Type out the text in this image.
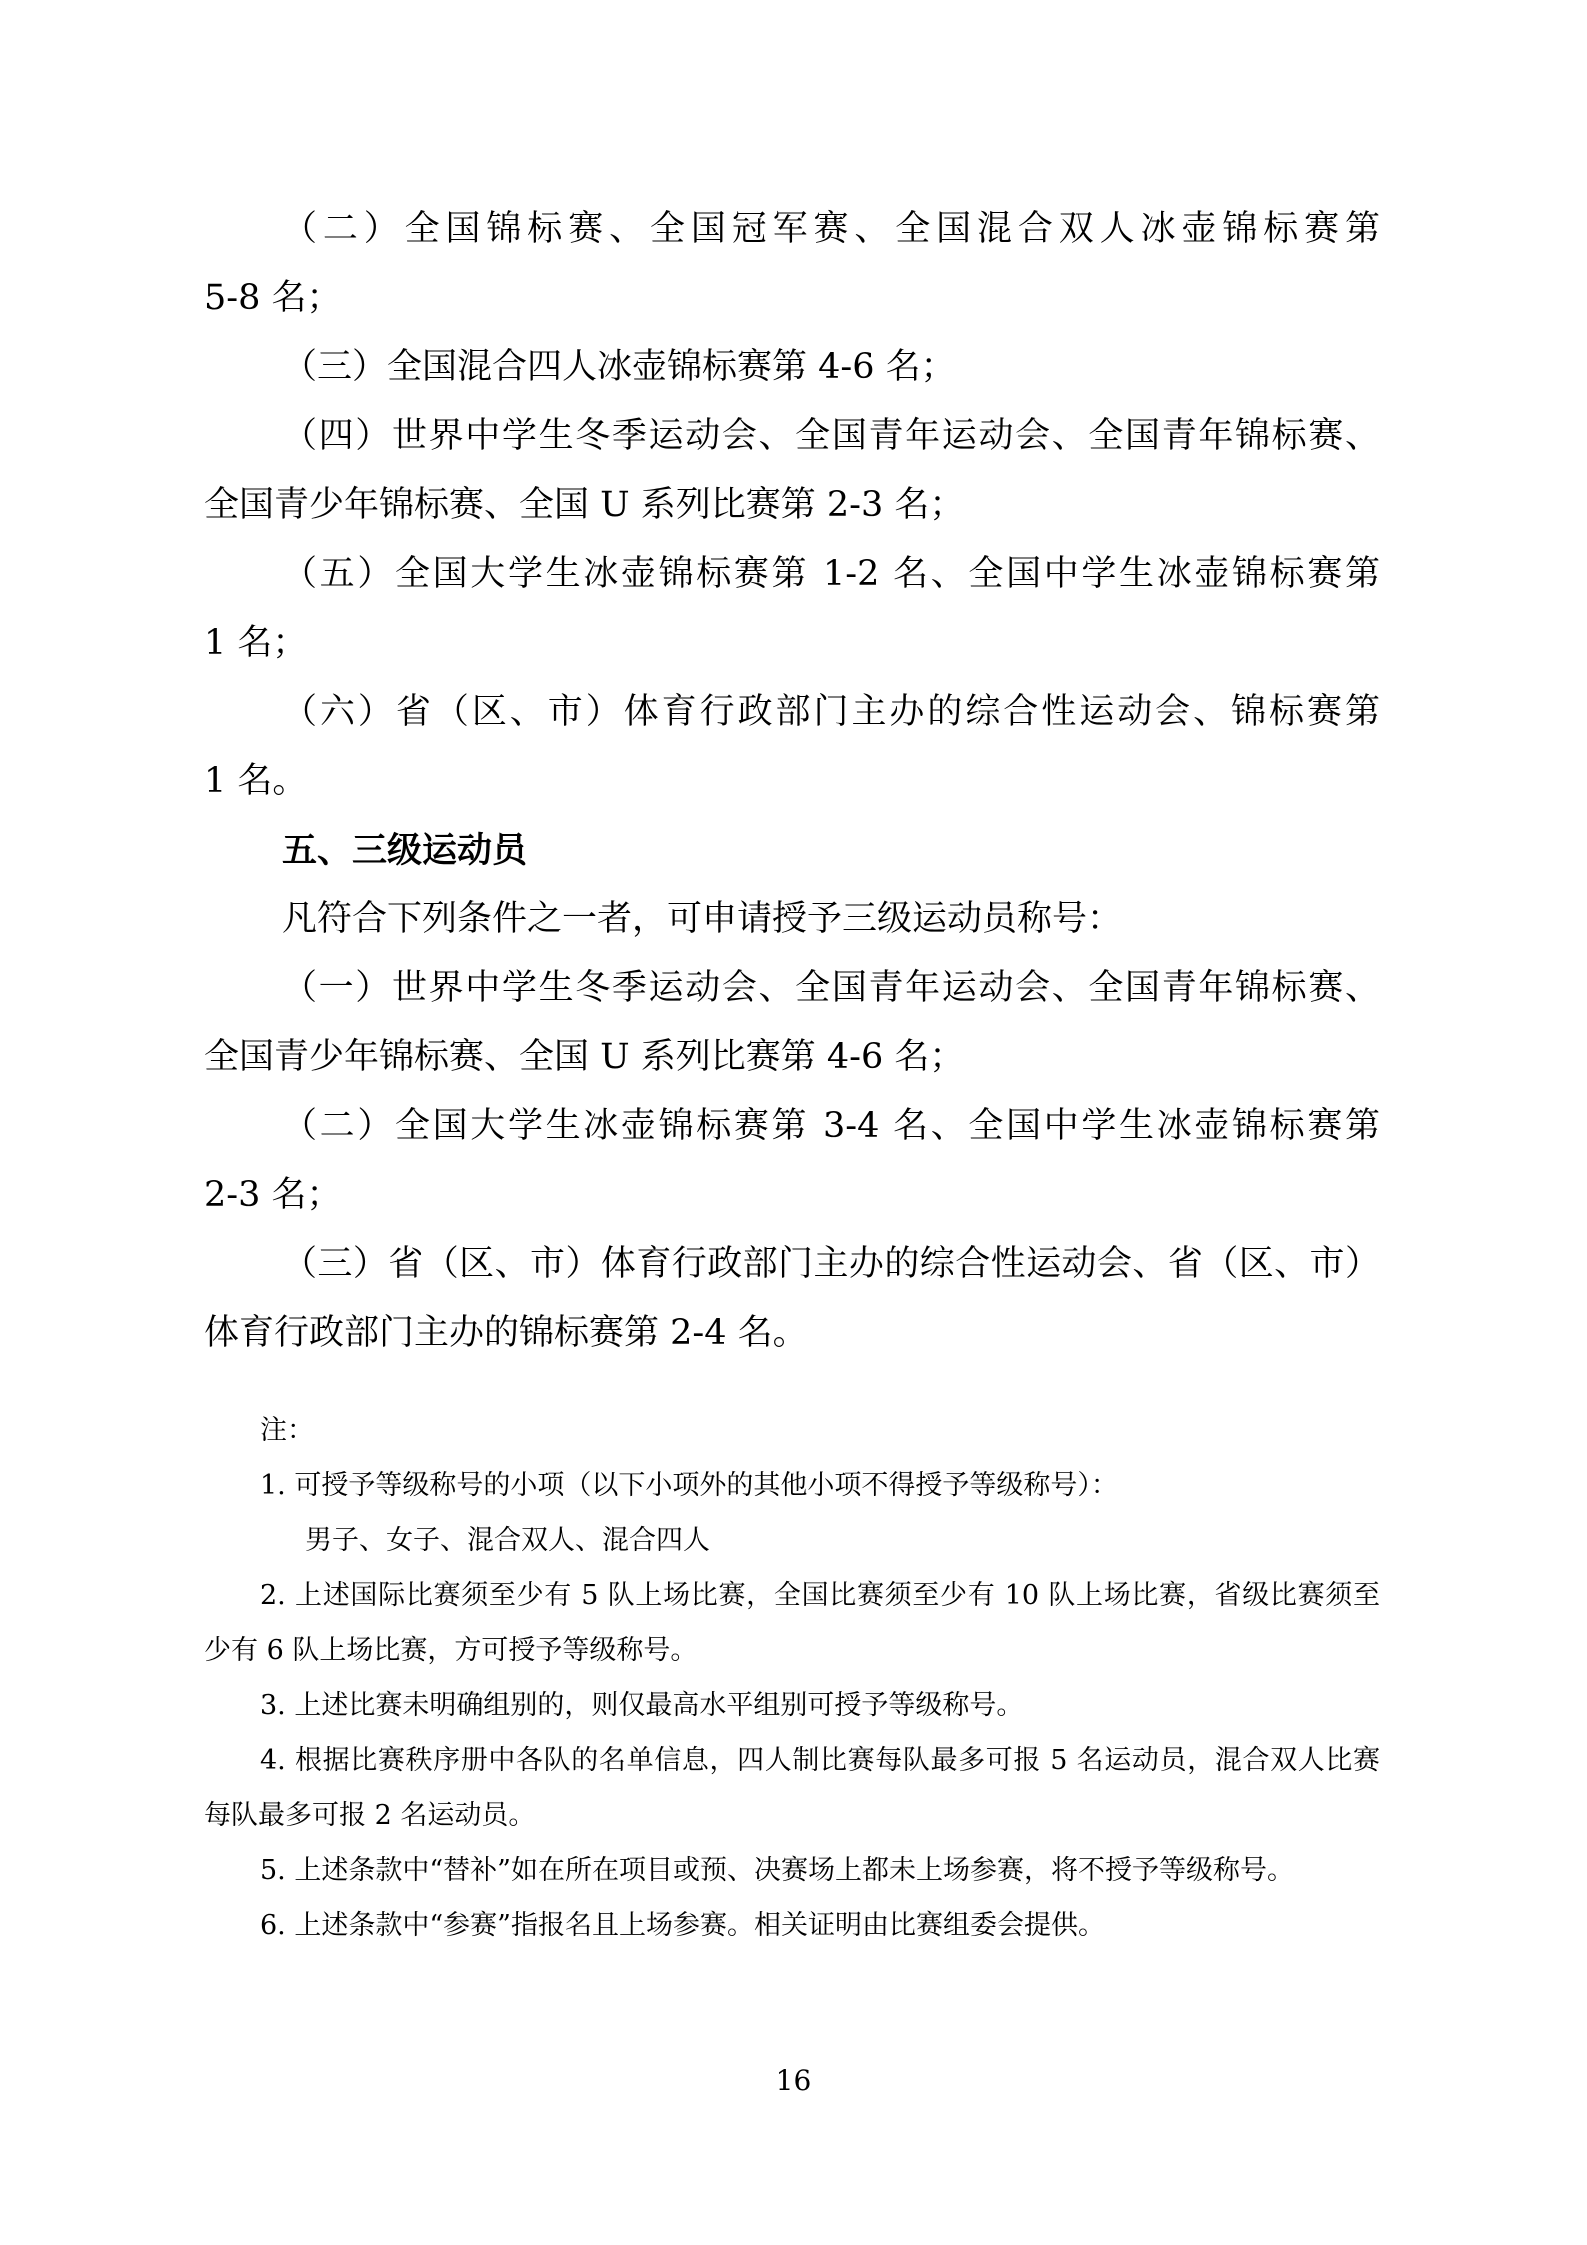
（二）全国锦标赛、全国冠军赛、全国混合双人冰壶锦标赛第
5-8 名；
（三）全国混合四人冰壶锦标赛第 4-6 名；
（四）世界中学生冬季运动会、全国青年运动会、全国青年锦标赛、
全国青少年锦标赛、全国 U 系列比赛第 2-3 名；
（五）全国大学生冰壶锦标赛第 1-2 名、全国中学生冰壶锦标赛第
1 名；
（六）省（区、市）体育行政部门主办的综合性运动会、锦标赛第
1 名。
五、三级运动员
凡符合下列条件之一者，可申请授予三级运动员称号：
（一）世界中学生冬季运动会、全国青年运动会、全国青年锦标赛、
全国青少年锦标赛、全国 U 系列比赛第 4-6 名；
（二）全国大学生冰壶锦标赛第 3-4 名、全国中学生冰壶锦标赛第
2-3 名；
（三）省（区、市）体育行政部门主办的综合性运动会、省（区、市）
体育行政部门主办的锦标赛第 2-4 名。
注：
1. 可授予等级称号的小项（以下小项外的其他小项不得授予等级称号）：
男子、女子、混合双人、混合四人
2. 上述国际比赛须至少有 5 队上场比赛，全国比赛须至少有 10 队上场比赛，省级比赛须至
少有 6 队上场比赛，方可授予等级称号。
3. 上述比赛未明确组别的，则仅最高水平组别可授予等级称号。
4. 根据比赛秩序册中各队的名单信息，四人制比赛每队最多可报 5 名运动员，混合双人比赛
每队最多可报 2 名运动员。
5. 上述条款中“替补”如在所在项目或预、决赛场上都未上场参赛，将不授予等级称号。
6. 上述条款中“参赛”指报名且上场参赛。相关证明由比赛组委会提供。
16
